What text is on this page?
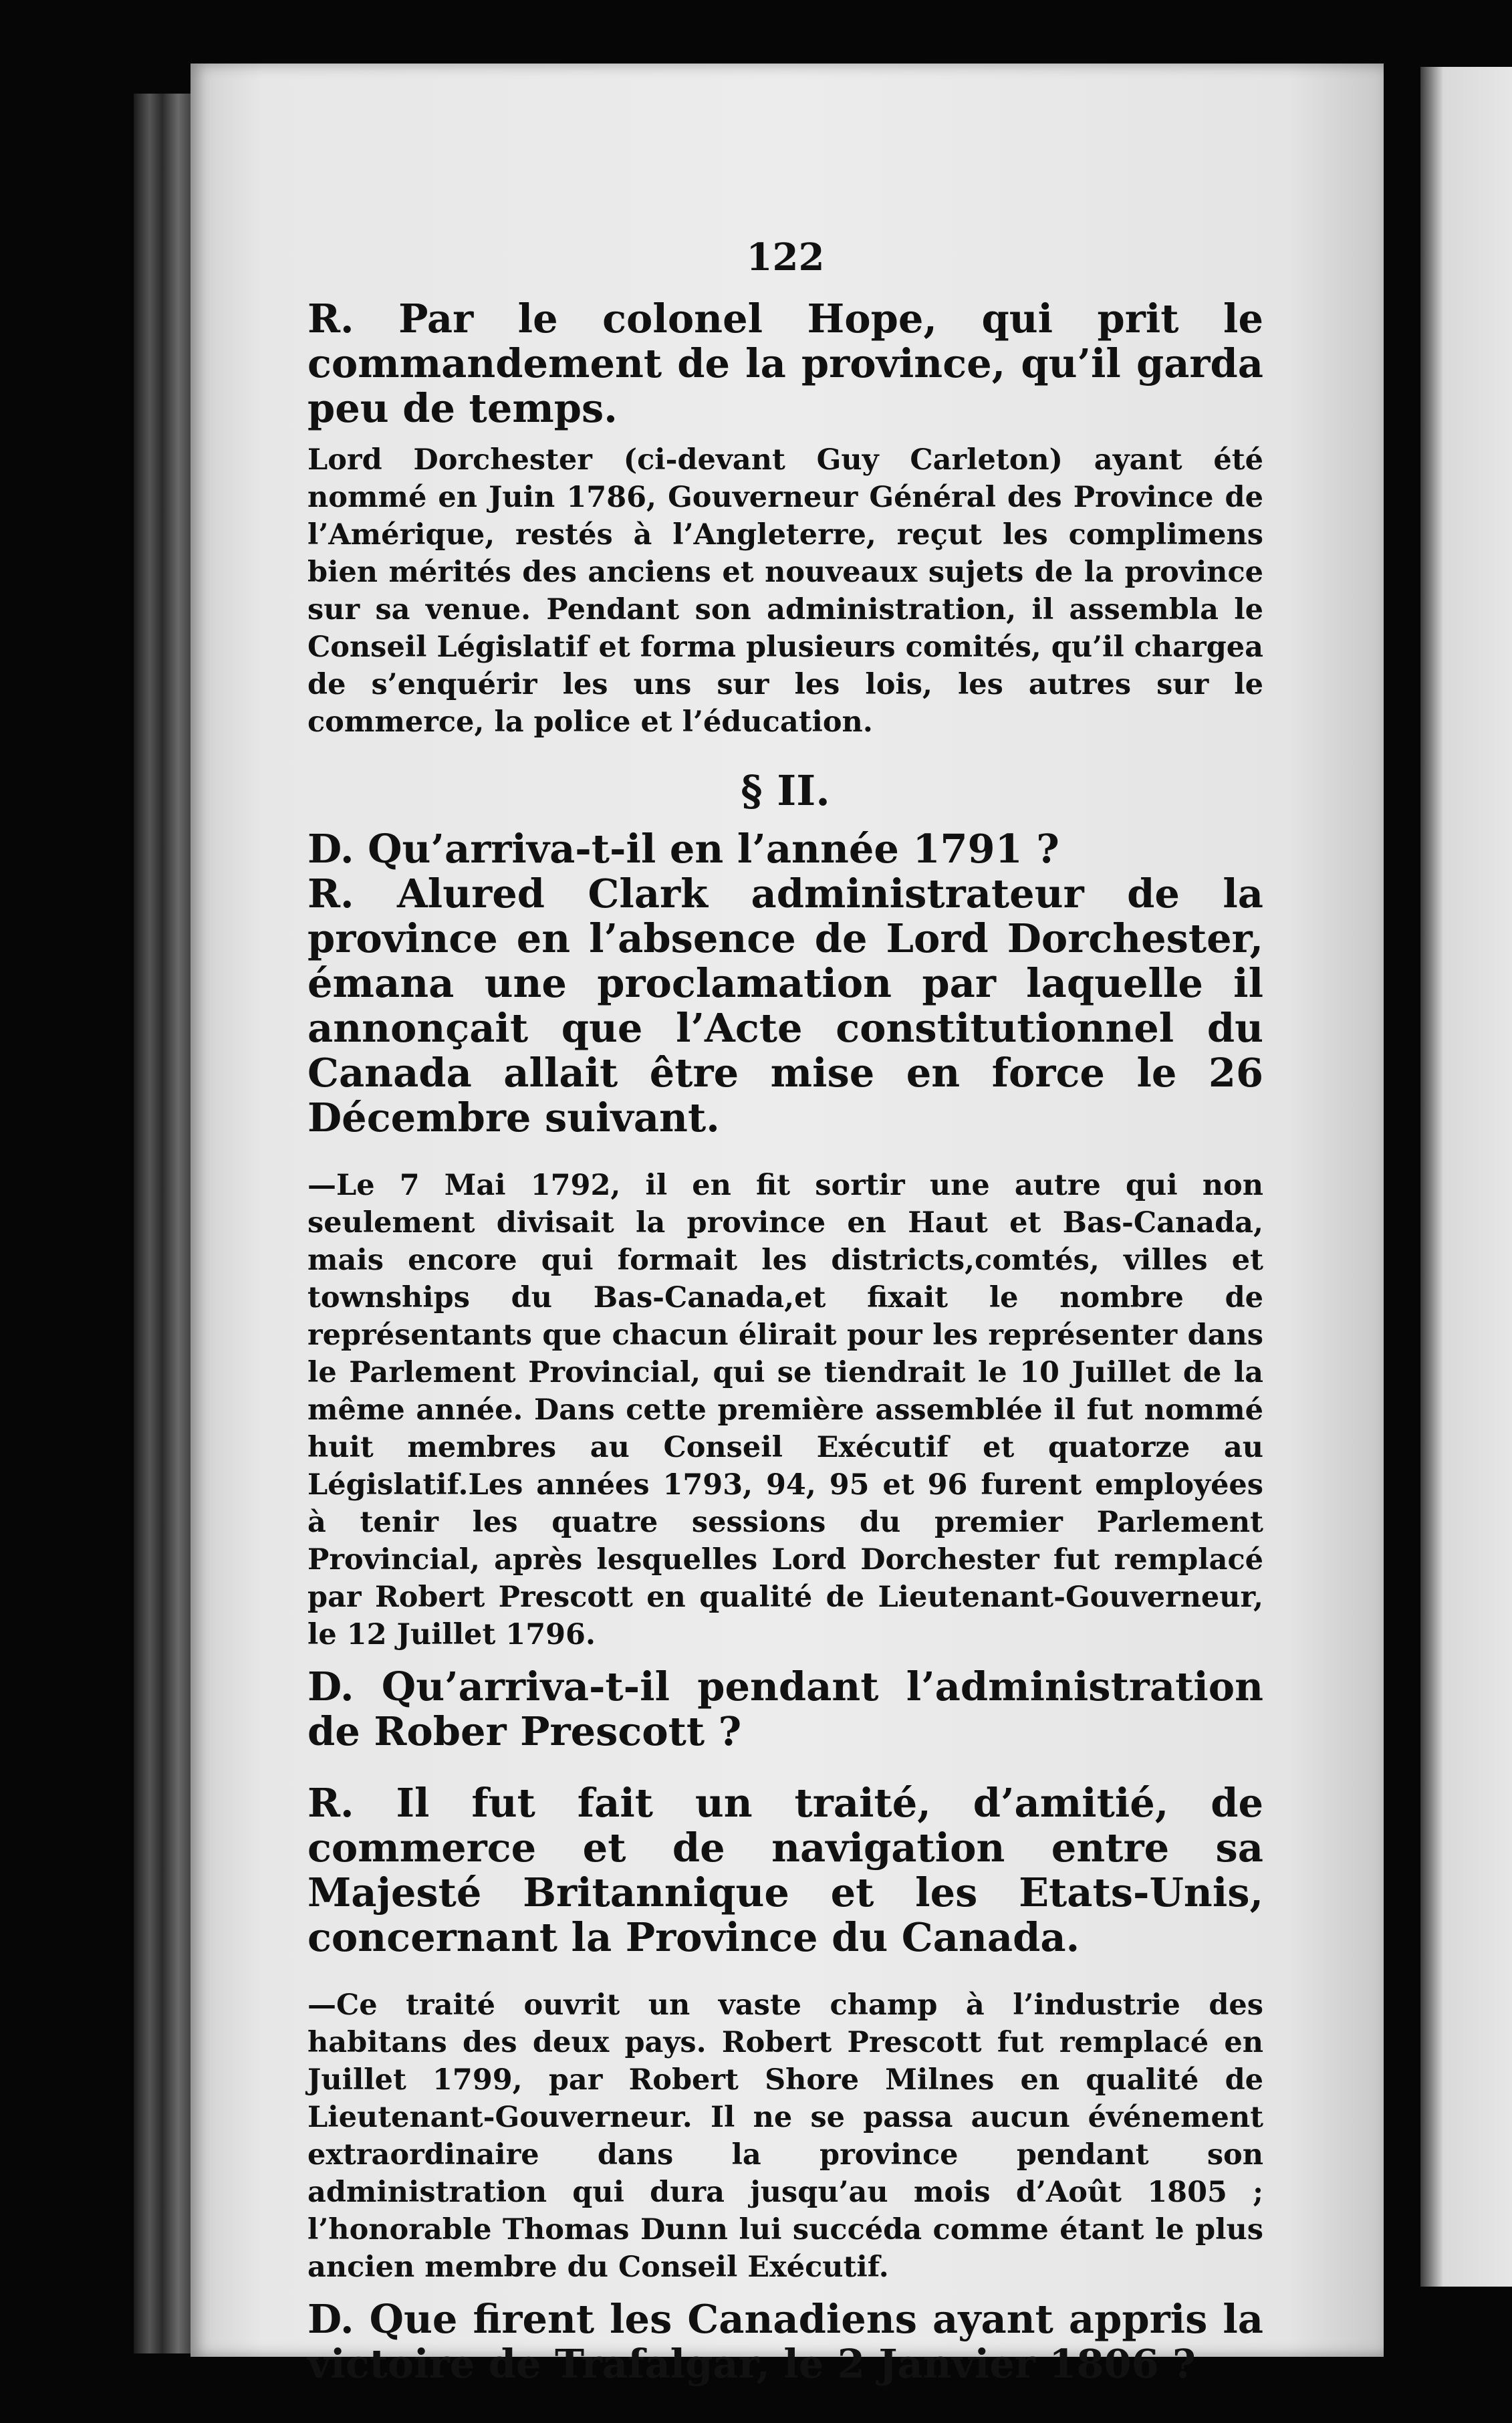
122

R. Par le colonel Hope, qui prit le commandement de la province, qu’il garda peu de temps.

Lord Dorchester (ci-devant Guy Carleton) ayant été nommé en Juin 1786, Gouverneur Général des Province de l’Amérique, restés à l’Angleterre, reçut les complimens bien mérités des anciens et nouveaux sujets de la province sur sa venue. Pendant son administration, il assembla le Conseil Législatif et forma plusieurs comités, qu’il chargea de s’enquérir les uns sur les lois, les autres sur le commerce, la police et l’éducation.

§ II.

D. Qu’arriva-t-il en l’année 1791 ?

R. Alured Clark administrateur de la province en l’absence de Lord Dorchester, émana une proclamation par laquelle il annonçait que l’Acte constitutionnel du Canada allait être mise en force le 26 Décembre suivant.

—Le 7 Mai 1792, il en fit sortir une autre qui non seulement divisait la province en Haut et Bas-Canada, mais encore qui formait les districts,comtés, villes et townships du Bas-Canada,et fixait le nombre de représentants que chacun élirait pour les représenter dans le Parlement Provincial, qui se tiendrait le 10 Juillet de la même année. Dans cette première assemblée il fut nommé huit membres au Conseil Exécutif et quatorze au Législatif.Les années 1793, 94, 95 et 96 furent employées à tenir les quatre sessions du premier Parlement Provincial, après lesquelles Lord Dorchester fut remplacé par Robert Prescott en qualité de Lieutenant-Gouverneur, le 12 Juillet 1796.

D. Qu’arriva-t-il pendant l’administration de Rober Prescott ?

R. Il fut fait un traité, d’amitié, de commerce et de navigation entre sa Majesté Britannique et les Etats-Unis, concernant la Province du Canada.

—Ce traité ouvrit un vaste champ à l’industrie des habitans des deux pays. Robert Prescott fut remplacé en Juillet 1799, par Robert Shore Milnes en qualité de Lieutenant-Gouverneur. Il ne se passa aucun événement extraordinaire dans la province pendant son administration qui dura jusqu’au mois d’Août 1805 ; l’honorable Thomas Dunn lui succéda comme étant le plus ancien membre du Conseil Exécutif.

D. Que firent les Canadiens ayant appris la victoire de Trafalgar, le 2 Janvier 1806 ?
